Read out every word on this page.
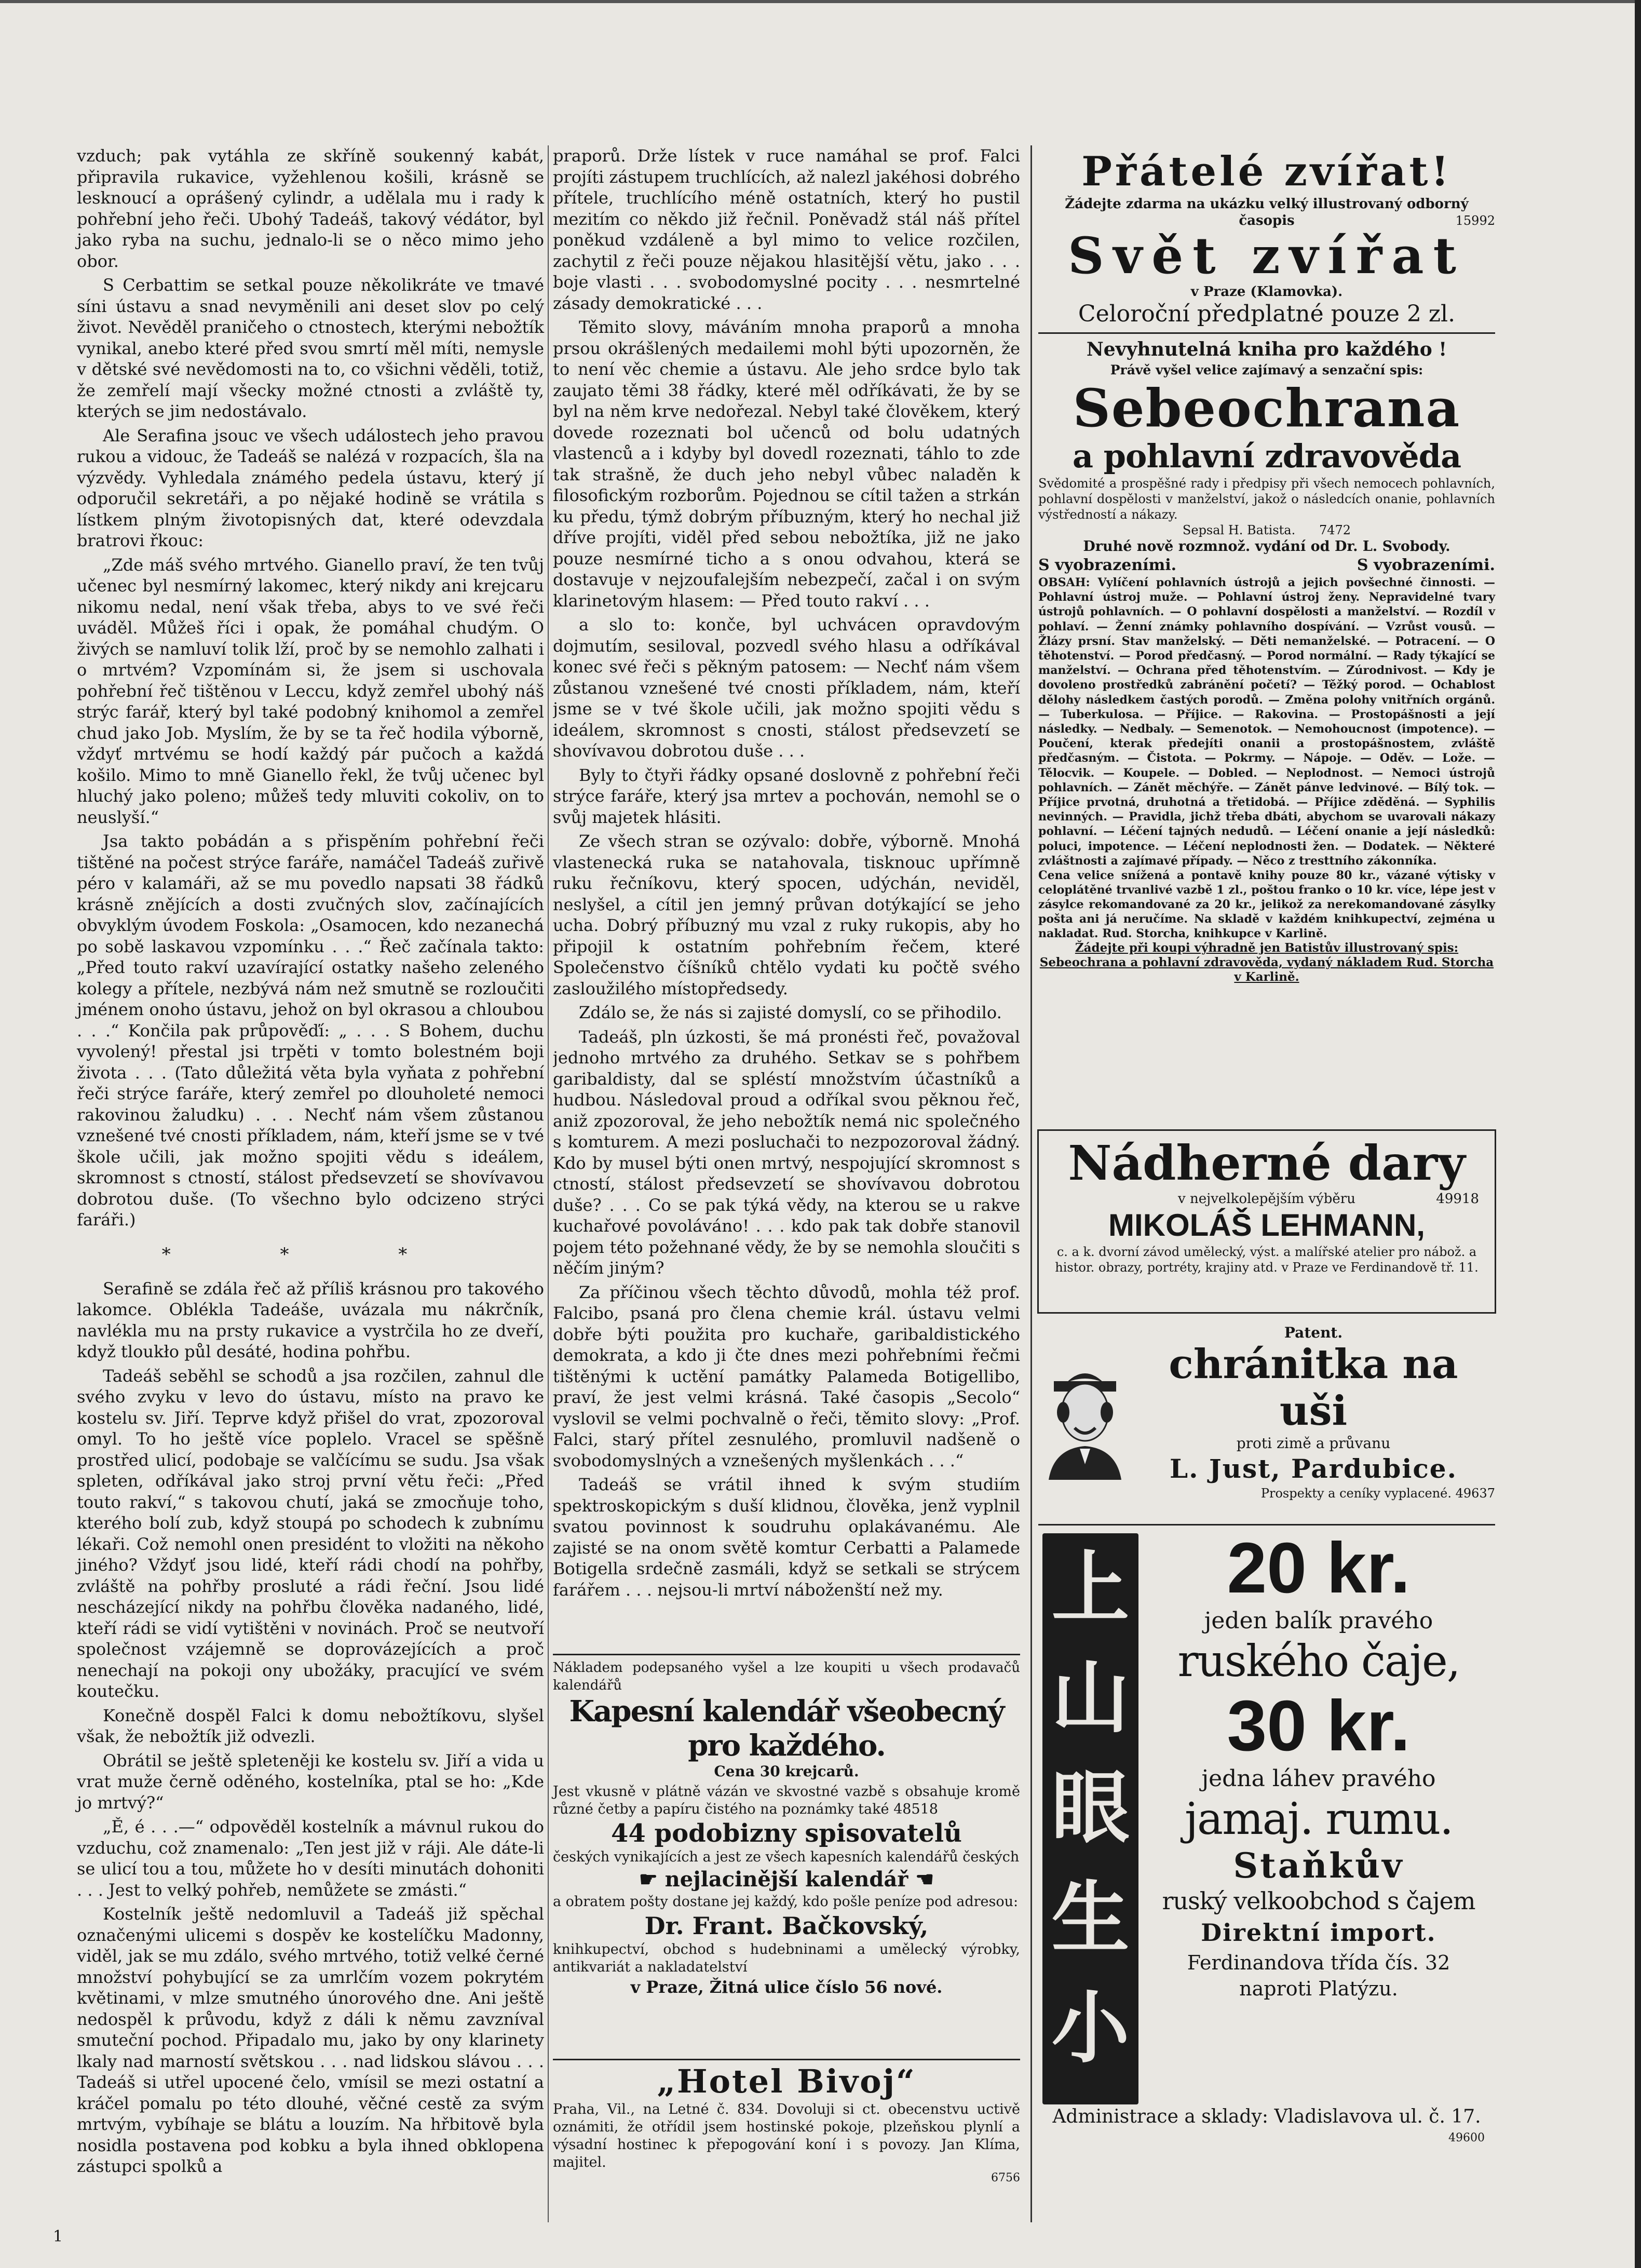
vzduch; pak vytáhla ze skříně soukenný kabát, připravila rukavice, vyžehlenou košili, krásně se lesknoucí a oprášený cylindr, a udělala mu i rady k pohřební jeho řeči. Ubohý Tadeáš, takový védátor, byl jako ryba na suchu, jednalo-li se o něco mimo jeho obor.

S Cerbattim se setkal pouze několikráte ve tmavé síni ústavu a snad nevyměnili ani deset slov po celý život. Nevěděl praničeho o ctnostech, kterými nebožtík vynikal, anebo které před svou smrtí měl míti, nemysle v dětské své nevědomosti na to, co všichni věděli, totiž, že zemřelí mají všecky možné ctnosti a zvláště ty, kterých se jim nedostávalo.

Ale Serafina jsouc ve všech událostech jeho pravou rukou a vidouc, že Tadeáš se nalézá v rozpacích, šla na výzvědy. Vyhledala známého pedela ústavu, který jí odporučil sekretáři, a po nějaké hodině se vrátila s lístkem plným životopisných dat, které odevzdala bratrovi řkouc:

„Zde máš svého mrtvého. Gianello praví, že ten tvůj učenec byl nesmírný lakomec, který nikdy ani krejcaru nikomu nedal, není však třeba, abys to ve své řeči uváděl. Můžeš říci i opak, že pomáhal chudým. O živých se namluví tolik lží, proč by se nemohlo zalhati i o mrtvém? Vzpomínám si, že jsem si uschovala pohřební řeč tištěnou v Leccu, když zemřel ubohý náš strýc farář, který byl také podobný knihomol a zemřel chud jako Job. Myslím, že by se ta řeč hodila výborně, vždyť mrtvému se hodí každý pár pučoch a každá košilo. Mimo to mně Gianello řekl, že tvůj učenec byl hluchý jako poleno; můžeš tedy mluviti cokoliv, on to neuslyší.“

Jsa takto pobádán a s přispěním pohřební řeči tištěné na počest strýce faráře, namáčel Tadeáš zuřivě péro v kalamáři, až se mu povedlo napsati 38 řádků krásně znějících a dosti zvučných slov, začínajících obvyklým úvodem Foskola: „Osamocen, kdo nezanechá po sobě laskavou vzpomínku . . .“ Řeč začínala takto: „Před touto rakví uzavírající ostatky našeho zeleného kolegy a přítele, nezbývá nám než smutně se rozloučiti jménem onoho ústavu, jehož on byl okrasou a chloubou . . .“ Končila pak průpověďí: „ . . . S Bohem, duchu vyvolený! přestal jsi trpěti v tomto bolestném boji života . . . (Tato důležitá věta byla vyňata z pohřební řeči strýce faráře, který zemřel po dlouholeté nemoci rakovinou žaludku) . . . Nechť nám všem zůstanou vznešené tvé cnosti příkladem, nám, kteří jsme se v tvé škole učili, jak možno spojiti vědu s ideálem, skromnost s ctností, stálost předsevzetí se shovívavou dobrotou duše. (To všechno bylo odcizeno strýci faráři.)

* * *

Serafině se zdála řeč až příliš krásnou pro takového lakomce. Oblékla Tadeáše, uvázala mu nákrčník, navlékla mu na prsty rukavice a vystrčila ho ze dveří, když tloukło půl desáté, hodina pohřbu.

Tadeáš seběhl se schodů a jsa rozčilen, zahnul dle svého zvyku v levo do ústavu, místo na pravo ke kostelu sv. Jiří. Teprve když přišel do vrat, zpozoroval omyl. To ho ještě více poplelo. Vracel se spěšně prostřed ulicí, podobaje se valčícímu se sudu. Jsa však spleten, odříkával jako stroj první větu řeči: „Před touto rakví,“ s takovou chutí, jaká se zmocňuje toho, kterého bolí zub, když stoupá po schodech k zubnímu lékaři. Což nemohl onen presidént to vložiti na někoho jiného? Vždyť jsou lidé, kteří rádi chodí na pohřby, zvláště na pohřby prosluté a rádi řeční. Jsou lidé nescházející nikdy na pohřbu člověka nadaného, lidé, kteří rádi se vidí vytištěni v novinách. Proč se neutvoří společnost vzájemně se doprovázejících a proč nenechají na pokoji ony ubožáky, pracující ve svém koutečku.

Konečně dospěl Falci k domu nebožtíkovu, slyšel však, že nebožtík již odvezli.

Obrátil se ještě spleteněji ke kostelu sv. Jiří a vida u vrat muže černě oděného, kostelníka, ptal se ho: „Kde jo mrtvý?“

„Ě, é . . .—“ odpověděl kostelník a mávnul rukou do vzduchu, což znamenalo: „Ten jest již v ráji. Ale dáte-li se ulicí tou a tou, můžete ho v desíti minutách dohoniti . . . Jest to velký pohřeb, nemůžete se zmásti.“

Kostelník ještě nedomluvil a Tadeáš již spěchal označenými ulicemi s dospěv ke kostelíčku Madonny, viděl, jak se mu zdálo, svého mrtvého, totiž velké černé množství pohybující se za umrlčím vozem pokrytém květinami, v mlze smutného únorového dne. Ani ještě nedospěl k průvodu, když z dáli k němu zavzníval smuteční pochod. Připadalo mu, jako by ony klarinety lkaly nad marností světskou . . . nad lidskou slávou . . . Tadeáš si utřel upocené čelo, vmísil se mezi ostatní a kráčel pomalu po této dlouhé, věčné cestě za svým mrtvým, vybíhaje se blátu a louzím. Na hřbitově byla nosidla postavena pod kobku a byla ihned obklopena zástupci spolků a

praporů. Drže lístek v ruce namáhal se prof. Falci projíti zástupem truchlících, až nalezl jakéhosi dobrého přítele, truchlícího méně ostatních, který ho pustil mezitím co někdo již řečnil. Poněvadž stál náš přítel poněkud vzdáleně a byl mimo to velice rozčilen, zachytil z řeči pouze nějakou hlasitější větu, jako . . . boje vlasti . . . svobodomyslné pocity . . . nesmrtelné zásady demokratické . . .

Těmito slovy, máváním mnoha praporů a mnoha prsou okrášlených medailemi mohl býti upozorněn, že to není věc chemie a ústavu. Ale jeho srdce bylo tak zaujato těmi 38 řádky, které měl odříkávati, že by se byl na něm krve nedořezal. Nebyl také člověkem, který dovede rozeznati bol učenců od bolu udatných vlastenců a i kdyby byl dovedl rozeznati, táhlo to zde tak strašně, že duch jeho nebyl vůbec naladěn k filosofickým rozborům. Pojednou se cítil tažen a strkán ku předu, týmž dobrým příbuzným, který ho nechal již dříve projíti, viděl před sebou nebožtíka, již ne jako pouze nesmírné ticho a s onou odvahou, která se dostavuje v nejzoufalejším nebezpečí, začal i on svým klarinetovým hlasem: — Před touto rakví . . .

a slo to: konče, byl uchvácen opravdovým dojmutím, sesiloval, pozvedl svého hlasu a odříkával konec své řeči s pěkným patosem: — Nechť nám všem zůstanou vznešené tvé cnosti příkladem, nám, kteří jsme se v tvé škole učili, jak možno spojiti vědu s ideálem, skromnost s cnosti, stálost předsevzetí se shovívavou dobrotou duše . . .

Byly to čtyři řádky opsané doslovně z pohřební řeči strýce faráře, který jsa mrtev a pochován, nemohl se o svůj majetek hlásiti.

Ze všech stran se ozývalo: dobře, výborně. Mnohá vlastenecká ruka se natahovala, tisknouc upřímně ruku řečníkovu, který spocen, udýchán, neviděl, neslyšel, a cítil jen jemný průvan dotýkající se jeho ucha. Dobrý příbuzný mu vzal z ruky rukopis, aby ho připojil k ostatním pohřebním řečem, které Společenstvo číšníků chtělo vydati ku počtě svého zasloužilého místopředsedy.

Zdálo se, že nás si zajisté domyslí, co se přihodilo.

Tadeáš, pln úzkosti, še má pronésti řeč, považoval jednoho mrtvého za druhého. Setkav se s pohřbem garibaldisty, dal se spléstí množstvím účastníků a hudbou. Následoval proud a odříkal svou pěknou řeč, aniž zpozoroval, že jeho nebožtík nemá nic společného s komturem. A mezi posluchači to nezpozoroval žádný. Kdo by musel býti onen mrtvý, nespojující skromnost s ctností, stálost předsevzetí se shovívavou dobrotou duše? . . . Co se pak týká vědy, na kterou se u rakve kuchařové povoláváno! . . . kdo pak tak dobře stanovil pojem této požehnané vědy, že by se nemohla sloučiti s něčím jiným?

Za příčinou všech těchto důvodů, mohla též prof. Falcibo, psaná pro člena chemie král. ústavu velmi dobře býti použita pro kuchaře, garibaldistického demokrata, a kdo ji čte dnes mezi pohřebními řečmi tištěnými k uctění památky Palameda Botigellibo, praví, že jest velmi krásná. Také časopis „Secolo“ vyslovil se velmi pochvalně o řeči, těmito slovy: „Prof. Falci, starý přítel zesnulého, promluvil nadšeně o svobodomyslných a vznešených myšlenkách . . .“

Tadeáš se vrátil ihned k svým studiím spektroskopickým s duší klidnou, člověka, jenž vyplnil svatou povinnost k soudruhu oplakávanému. Ale zajisté se na onom světě komtur Cerbatti a Palamede Botigella srdečně zasmáli, když se setkali se strýcem farářem . . . nejsou-li mrtví náboženští než my.

Nákladem podepsaného vyšel a lze koupiti u všech prodavačů kalendářů
Kapesní kalendář všeobecný pro každého.
Cena 30 krejcarů.
Jest vkusně v plátně vázán ve skvostné vazbě s obsahuje kromě různé četby a papíru čistého na poznámky také 48518
44 podobizny spisovatelů
českých vynikajících a jest ze všech kapesních kalendářů českých
☛ nejlacinější kalendář ☚
a obratem pošty dostane jej každý, kdo pošle peníze pod adresou:
Dr. Frant. Bačkovský,
knihkupectví, obchod s hudebninami a umělecký výrobky, antikvariát a nakladatelství
v Praze, Žitná ulice číslo 56 nové.
„Hotel Bivoj“
Praha, Vil., na Letné č. 834. Dovoluji si ct. obecenstvu uctivě oznámiti, že otřídil jsem hostinské pokoje, plzeňskou plynlí a výsadní hostinec k přepogování koní i s povozy. Jan Klíma, majitel.
6756
Přátelé zvířat!
Žádejte zdarma na ukázku velký illustrovaný odborný časopis	15992
Svět zvířat
v Praze (Klamovka).
Celoroční předplatné pouze 2 zl.
Nevyhnutelná kniha pro každého !
Právě vyšel velice zajímavý a senzační spis:
Sebeochrana
a pohlavní zdravověda
Svědomité a prospěšné rady i předpisy při všech nemocech pohlavních, pohlavní dospělosti v manželství, jakož o následcích onanie, pohlavních výstředností a nákazy.
Sepsal H. Batista. 7472
Druhé nově rozmnož. vydání od Dr. L. Svobody.
S vyobrazeními.	S vyobrazeními.
OBSAH: Vylíčení pohlavních ústrojů a jejich povšechné činnosti. — Pohlavní ústroj muže. — Pohlavní ústroj ženy. Nepravidelné tvary ústrojů pohlavních. — O pohlavní dospělosti a manželství. — Rozdíl v pohlaví. — Ženní známky pohlavního dospívání. — Vzrůst vousů. — Žlázy prsní. Stav manželský. — Děti nemanželské. — Potracení. — O těhotenství. — Porod předčasný. — Porod normální. — Rady týkající se manželství. — Ochrana před těhotenstvím. — Zúrodnivost. — Kdy je dovoleno prostředků zabránění početí? — Těžký porod. — Ochablost dělohy následkem častých porodů. — Změna polohy vnitřních orgánů. — Tuberkulosa. — Příjice. — Rakovina. — Prostopášnosti a její následky. — Nedbaly. — Semenotok. — Nemohoucnost (impotence). — Poučení, kterak předejíti onanii a prostopášnostem, zvláště předčasným. — Čistota. — Pokrmy. — Nápoje. — Oděv. — Lože. — Tělocvik. — Koupele. — Dobled. — Neplodnost. — Nemoci ústrojů pohlavních. — Zánět měchýře. — Zánět pánve ledvinové. — Bílý tok. — Příjice prvotná, druhotná a třetidobá. — Příjice zděděná. — Syphilis nevinných. — Pravidla, jichž třeba dbáti, abychom se uvarovali nákazy pohlavní. — Léčení tajných nedudů. — Léčení onanie a její následků: poluci, impotence. — Léčení neplodnosti žen. — Dodatek. — Některé zvláštnosti a zajímavé případy. — Něco z tresttního zákonníka.
Cena velice snížená a pontavě knihy pouze 80 kr., vázané výtisky v celoplátěné trvanlivé vazbě 1 zl., poštou franko o 10 kr. více, lépe jest v zásylce rekomandované za 20 kr., jelikož za nerekomandované zásylky pošta ani já neručíme. Na skladě v každém knihkupectví, zejména u nakladat. Rud. Storcha, knihkupce v Karlině.
Žádejte při koupi výhradně jen Batistův illustrovaný spis: Sebeochrana a pohlavní zdravověda, vydaný nákladem Rud. Storcha v Karlině.
Nádherné dary
v nejvelkolepějším výběru	49918
MIKOLÁŠ LEHMANN,
c. a k. dvorní závod umělecký, výst. a malířské atelier pro nábož. a histor. obrazy, portréty, krajiny atd. v Praze ve Ferdinandově tř. 11.
Patent.
chránitka na uši
proti zimě a průvanu
L. Just, Pardubice.
Prospekty a ceníky vyplacené. 49637
上
山
眼
生
小
20 kr.
jeden balík pravého
ruského čaje,
30 kr.
jedna láhev pravého
jamaj. rumu.
Staňkův
ruský velkoobchod s čajem
Direktní import.
Ferdinandova třída čís. 32
naproti Platýzu.
Administrace a sklady: Vladislavova ul. č. 17.
49600
1
